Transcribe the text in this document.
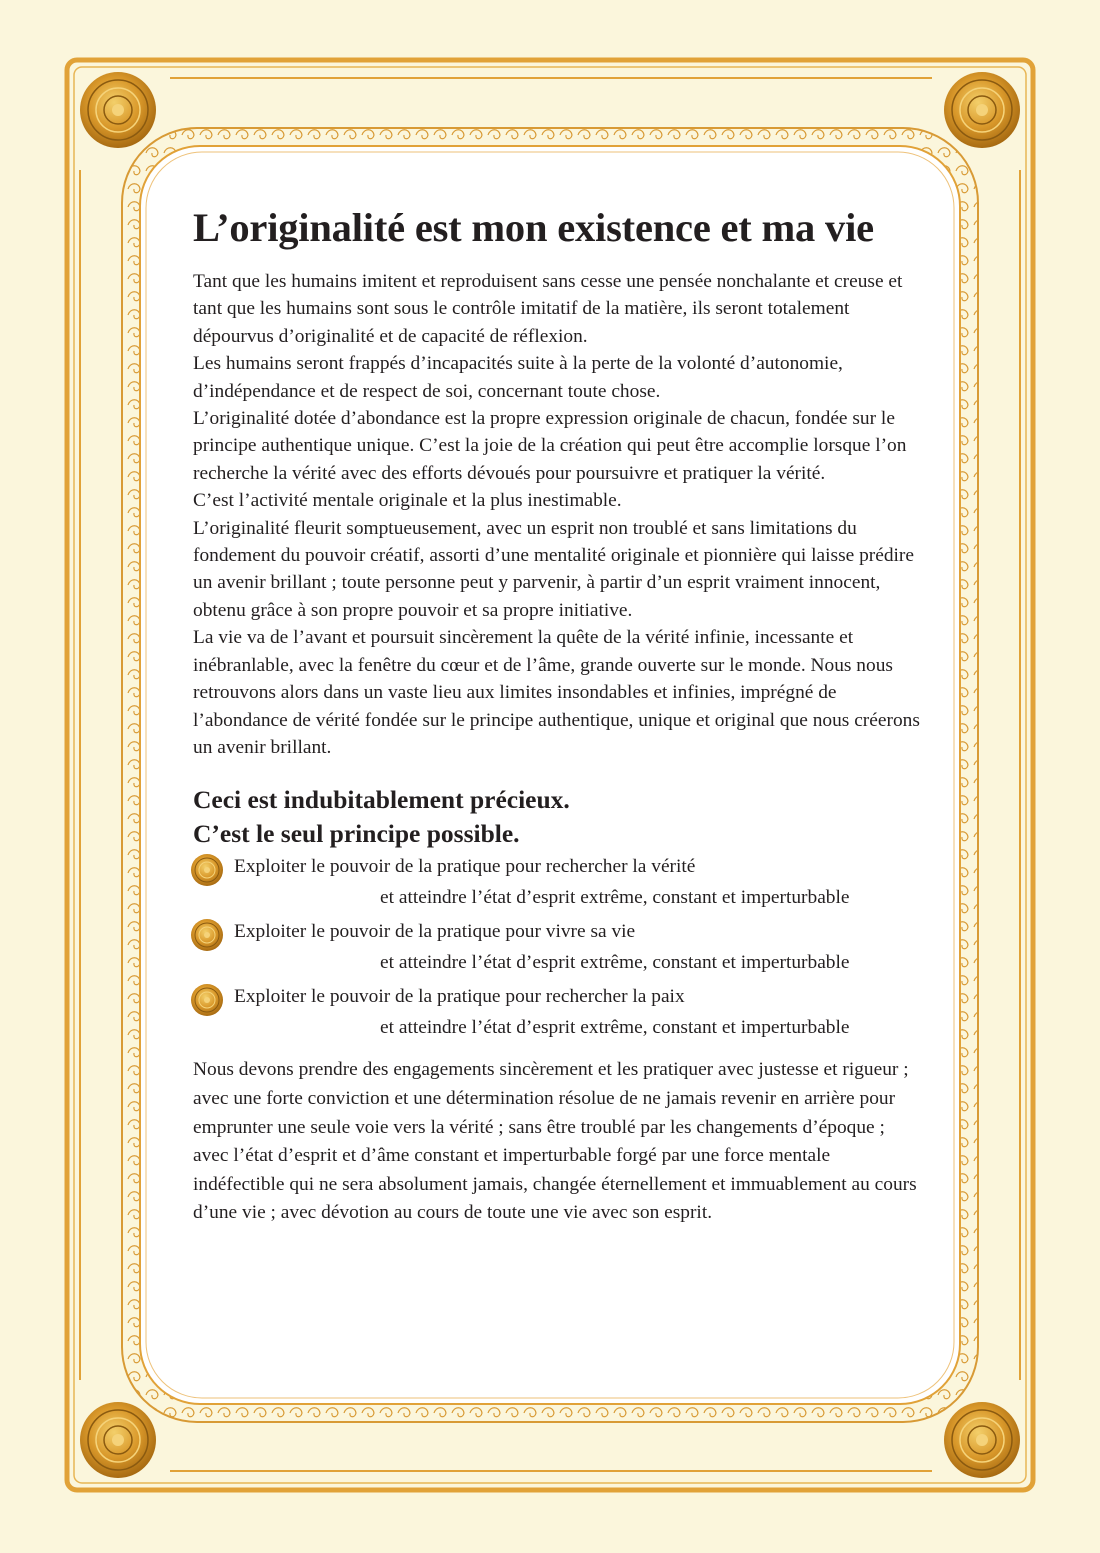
L’originalité est mon existence et ma vie

Tant que les humains imitent et reproduisent sans cesse une pensée nonchalante et creuse et tant que les humains sont sous le contrôle imitatif de la matière, ils seront totalement dépourvus d’originalité et de capacité de réflexion.

Les humains seront frappés d’incapacités suite à la perte de la volonté d’autonomie, d’indépendance et de respect de soi, concernant toute chose.

L’originalité dotée d’abondance est la propre expression originale de chacun, fondée sur le principe authentique unique. C’est la joie de la création qui peut être accomplie lorsque l’on recherche la vérité avec des efforts dévoués pour poursuivre et pratiquer la vérité.

C’est l’activité mentale originale et la plus inestimable.

L’originalité fleurit somptueusement, avec un esprit non troublé et sans limitations du fondement du pouvoir créatif, assorti d’une mentalité originale et pionnière qui laisse prédire un avenir brillant ; toute personne peut y parvenir, à partir d’un esprit vraiment innocent, obtenu grâce à son propre pouvoir et sa propre initiative.

La vie va de l’avant et poursuit sincèrement la quête de la vérité infinie, incessante et inébranlable, avec la fenêtre du cœur et de l’âme, grande ouverte sur le monde. Nous nous retrouvons alors dans un vaste lieu aux limites insondables et infinies, imprégné de l’abondance de vérité fondée sur le principe authentique, unique et original que nous créerons un avenir brillant.

Ceci est indubitablement précieux.
C’est le seul principe possible.
Exploiter le pouvoir de la pratique pour rechercher la vérité
et atteindre l’état d’esprit extrême, constant et imperturbable
Exploiter le pouvoir de la pratique pour vivre sa vie
et atteindre l’état d’esprit extrême, constant et imperturbable
Exploiter le pouvoir de la pratique pour rechercher la paix
et atteindre l’état d’esprit extrême, constant et imperturbable

Nous devons prendre des engagements sincèrement et les pratiquer avec justesse et rigueur ; avec une forte conviction et une détermination résolue de ne jamais revenir en arrière pour emprunter une seule voie vers la vérité ; sans être troublé par les changements d’époque ; avec l’état d’esprit et d’âme constant et imperturbable forgé par une force mentale indéfectible qui ne sera absolument jamais, changée éternellement et immuablement au cours d’une vie ; avec dévotion au cours de toute une vie avec son esprit.
